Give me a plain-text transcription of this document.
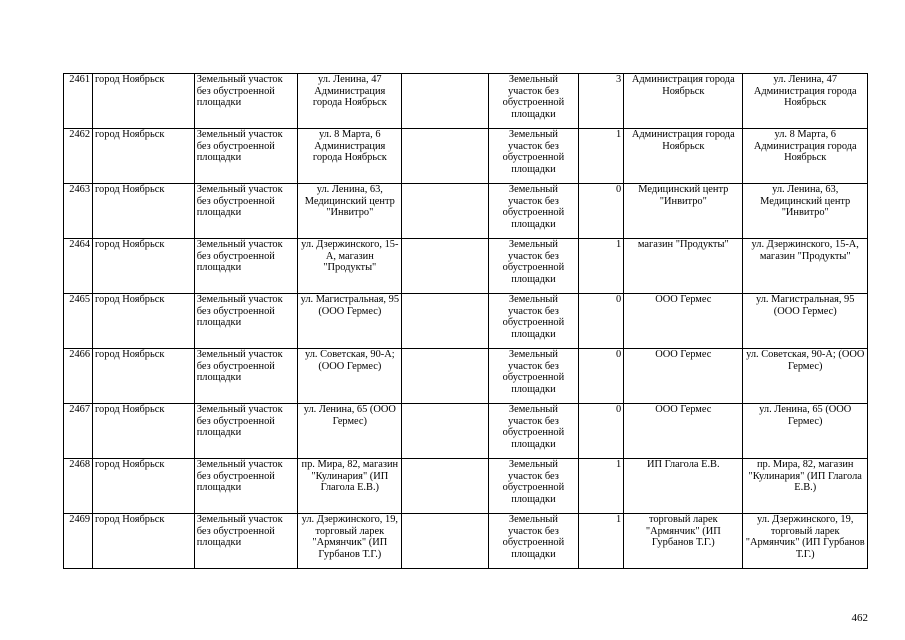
2461	город Ноябрьск	Земельный участок без обустроенной площадки	ул. Ленина, 47 Администрация города Ноябрьск		Земельный участок без обустроенной площадки	3	Администрация города Ноябрьск	ул. Ленина, 47 Администрация города Ноябрьск
2462	город Ноябрьск	Земельный участок без обустроенной площадки	ул. 8 Марта, 6 Администрация города Ноябрьск		Земельный участок без обустроенной площадки	1	Администрация города Ноябрьск	ул. 8 Марта, 6 Администрация города Ноябрьск
2463	город Ноябрьск	Земельный участок без обустроенной площадки	ул. Ленина, 63, Медицинский центр "Инвитро"		Земельный участок без обустроенной площадки	0	Медицинский центр "Инвитро"	ул. Ленина, 63, Медицинский центр "Инвитро"
2464	город Ноябрьск	Земельный участок без обустроенной площадки	ул. Дзержинского, 15-А, магазин "Продукты"		Земельный участок без обустроенной площадки	1	магазин "Продукты"	ул. Дзержинского, 15-А, магазин "Продукты"
2465	город Ноябрьск	Земельный участок без обустроенной площадки	ул. Магистральная, 95 (ООО Гермес)		Земельный участок без обустроенной площадки	0	ООО Гермес	ул. Магистральная, 95 (ООО Гермес)
2466	город Ноябрьск	Земельный участок без обустроенной площадки	ул. Советская, 90-А; (ООО Гермес)		Земельный участок без обустроенной площадки	0	ООО Гермес	ул. Советская, 90-А; (ООО Гермес)
2467	город Ноябрьск	Земельный участок без обустроенной площадки	ул. Ленина, 65 (ООО Гермес)		Земельный участок без обустроенной площадки	0	ООО Гермес	ул. Ленина, 65 (ООО Гермес)
2468	город Ноябрьск	Земельный участок без обустроенной площадки	пр. Мира, 82, магазин "Кулинария" (ИП Глагола Е.В.)		Земельный участок без обустроенной площадки	1	ИП Глагола Е.В.	пр. Мира, 82, магазин "Кулинария" (ИП Глагола Е.В.)
2469	город Ноябрьск	Земельный участок без обустроенной площадки	ул. Дзержинского, 19, торговый ларек "Армянчик" (ИП Гурбанов Т.Г.)		Земельный участок без обустроенной площадки	1	торговый ларек "Армянчик" (ИП Гурбанов Т.Г.)	ул. Дзержинского, 19, торговый ларек "Армянчик" (ИП Гурбанов Т.Г.)
462
